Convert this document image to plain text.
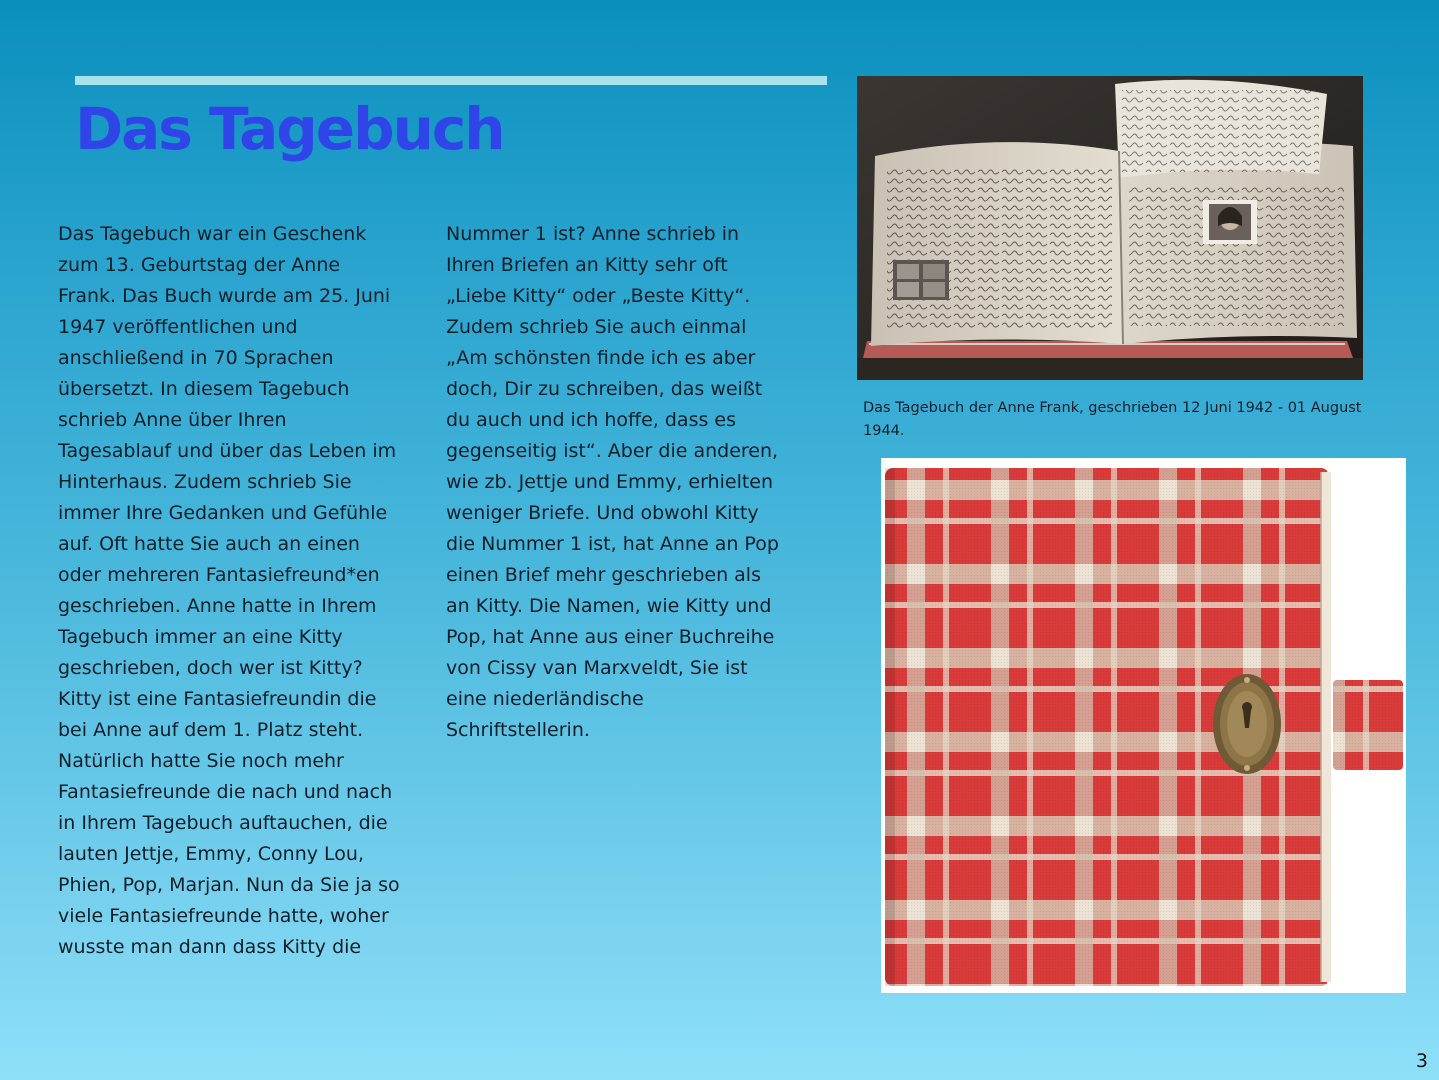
Das Tagebuch
Das Tagebuch war ein Geschenk
zum 13. Geburtstag der Anne
Frank. Das Buch wurde am 25. Juni
1947 veröffentlichen und
anschließend in 70 Sprachen
übersetzt. In diesem Tagebuch
schrieb Anne über Ihren
Tagesablauf und über das Leben im
Hinterhaus. Zudem schrieb Sie
immer Ihre Gedanken und Gefühle
auf. Oft hatte Sie auch an einen
oder mehreren Fantasiefreund*en
geschrieben. Anne hatte in Ihrem
Tagebuch immer an eine Kitty
geschrieben, doch wer ist Kitty?
Kitty ist eine Fantasiefreundin die
bei Anne auf dem 1. Platz steht.
Natürlich hatte Sie noch mehr
Fantasiefreunde die nach und nach
in Ihrem Tagebuch auftauchen, die
lauten Jettje, Emmy, Conny Lou,
Phien, Pop, Marjan. Nun da Sie ja so
viele Fantasiefreunde hatte, woher
wusste man dann dass Kitty die
Nummer 1 ist? Anne schrieb in
Ihren Briefen an Kitty sehr oft
„Liebe Kitty“ oder „Beste Kitty“.
Zudem schrieb Sie auch einmal
„Am schönsten finde ich es aber
doch, Dir zu schreiben, das weißt
du auch und ich hoffe, dass es
gegenseitig ist“. Aber die anderen,
wie zb. Jettje und Emmy, erhielten
weniger Briefe. Und obwohl Kitty
die Nummer 1 ist, hat Anne an Pop
einen Brief mehr geschrieben als
an Kitty. Die Namen, wie Kitty und
Pop, hat Anne aus einer Buchreihe
von Cissy van Marxveldt, Sie ist
eine niederländische
Schriftstellerin.

Das Tagebuch der Anne Frank, geschrieben 12 Juni 1942 - 01 August 1944.

3
